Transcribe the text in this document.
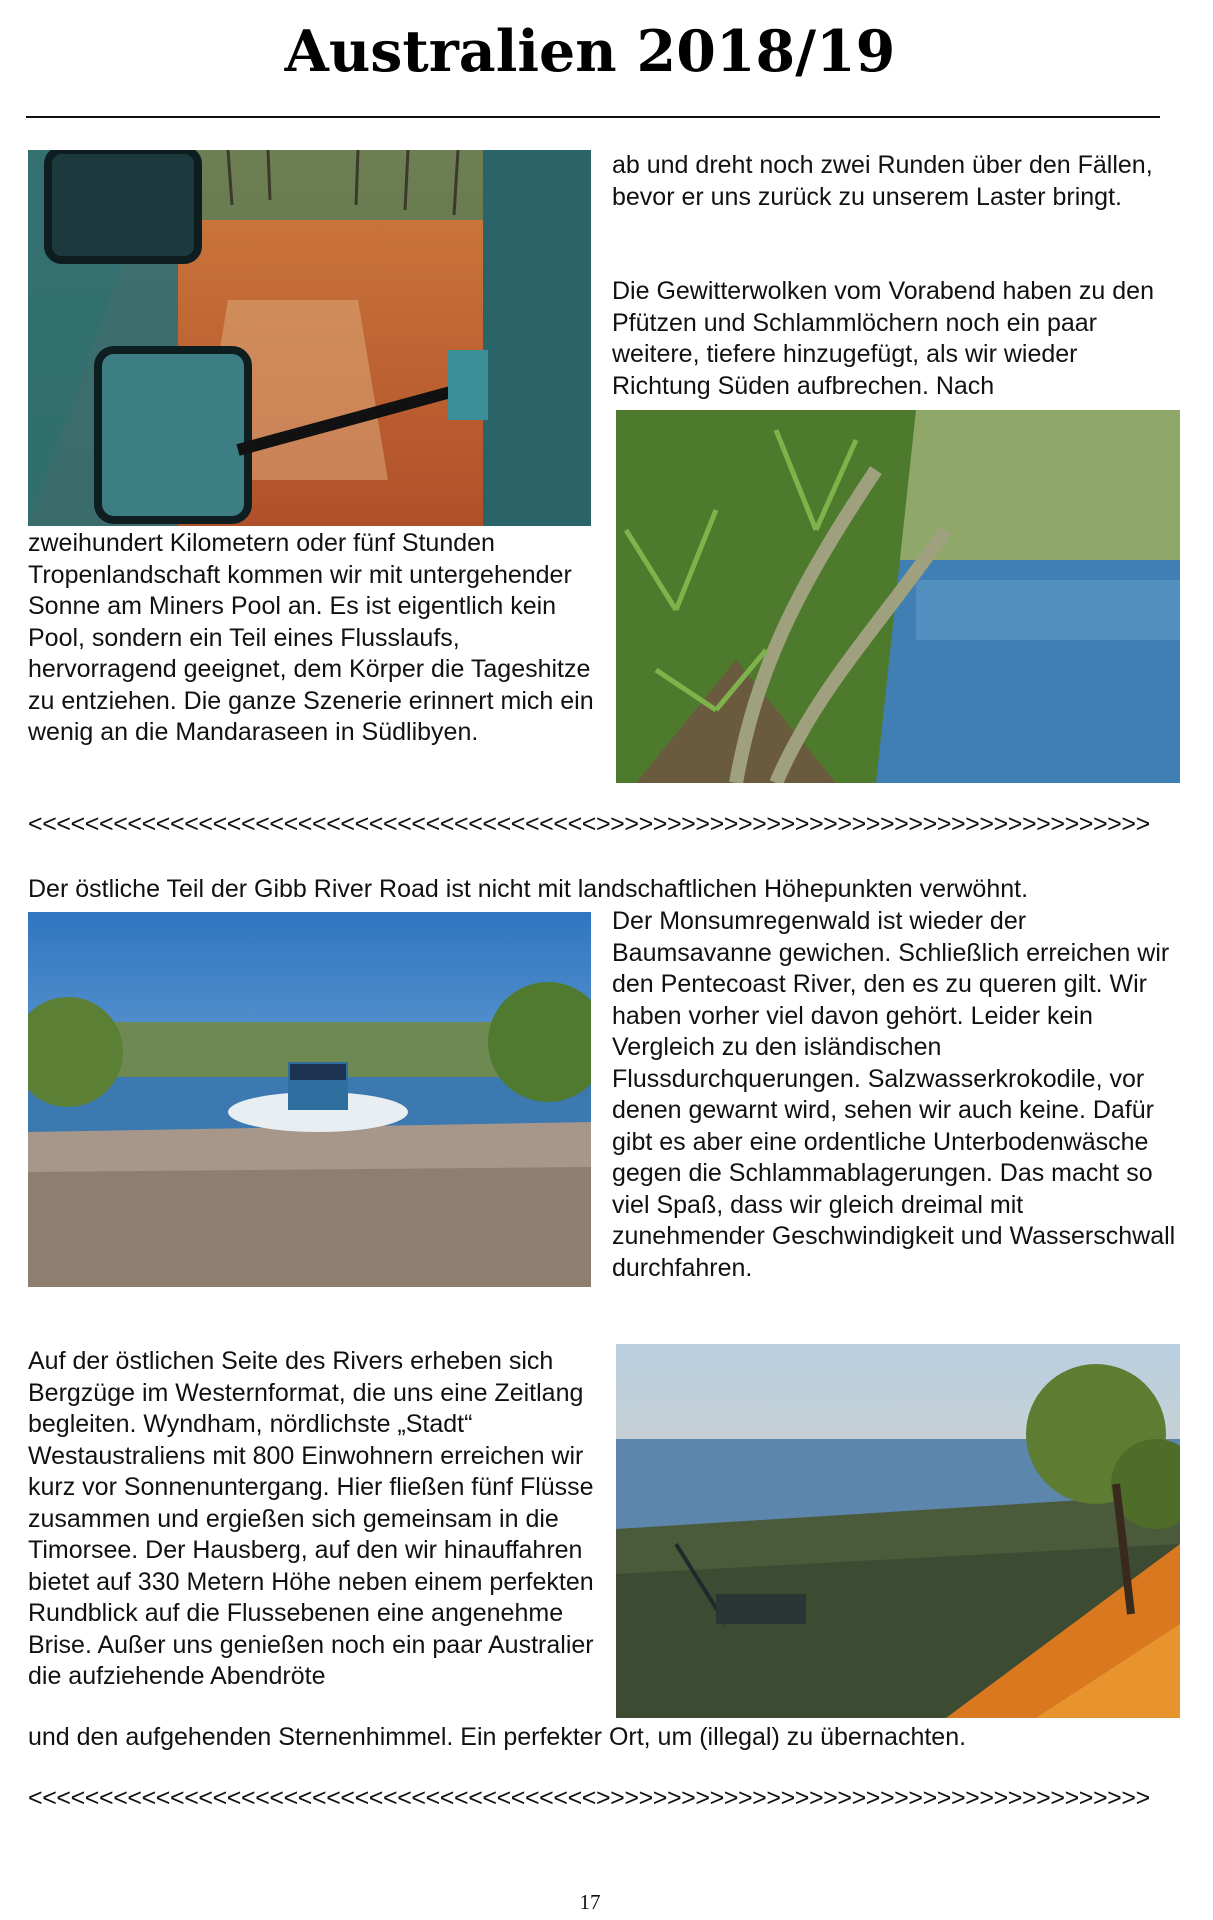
Australien 2018/19

ab und dreht noch zwei Runden über den Fällen, bevor er uns zurück zu unserem Laster bringt.

Die Gewitterwolken vom Vorabend haben zu den Pfützen und Schlammlöchern noch ein paar weitere, tiefere hinzugefügt, als wir wieder Richtung Süden aufbrechen. Nach

zweihundert Kilometern oder fünf Stunden Tropenlandschaft kommen wir mit untergehender Sonne am Miners Pool an. Es ist eigentlich kein Pool, sondern ein Teil eines Flusslaufs, hervorragend geeignet, dem Körper die Tageshitze zu entziehen. Die ganze Szenerie erinnert mich ein wenig an die Mandaraseen in Südlibyen.

<<<<<<<<<<<<<<<<<<<<<<<<<<<<<<<<<<<<<<<<>>>>>>>>>>>>>>>>>>>>>>>>>>>>>>>>>>>>>>>

Der östliche Teil der Gibb River Road ist nicht mit landschaftlichen Höhepunkten verwöhnt.

Der Monsumregenwald ist wieder der Baumsavanne gewichen. Schließlich erreichen wir den Pentecoast River, den es zu queren gilt. Wir haben vorher viel davon gehört. Leider kein Vergleich zu den isländischen Flussdurchquerungen. Salzwasserkrokodile, vor denen gewarnt wird, sehen wir auch keine. Dafür gibt es aber eine ordentliche Unterbodenwäsche gegen die Schlammablagerungen. Das macht so viel Spaß, dass wir gleich dreimal mit zunehmender Geschwindigkeit und Wasserschwall durchfahren.

Auf der östlichen Seite des Rivers erheben sich Bergzüge im Westernformat, die uns eine Zeitlang begleiten. Wyndham, nördlichste „Stadt“ Westaustraliens mit 800 Einwohnern erreichen wir kurz vor Sonnenuntergang. Hier fließen fünf Flüsse zusammen und ergießen sich gemeinsam in die Timorsee. Der Hausberg, auf den wir hinauffahren bietet auf 330 Metern Höhe neben einem perfekten Rundblick auf die Flussebenen eine angenehme Brise. Außer uns genießen noch ein paar Australier die aufziehende Abendröte

und den aufgehenden Sternenhimmel. Ein perfekter Ort, um (illegal) zu übernachten.

<<<<<<<<<<<<<<<<<<<<<<<<<<<<<<<<<<<<<<<<>>>>>>>>>>>>>>>>>>>>>>>>>>>>>>>>>>>>>>>
17
